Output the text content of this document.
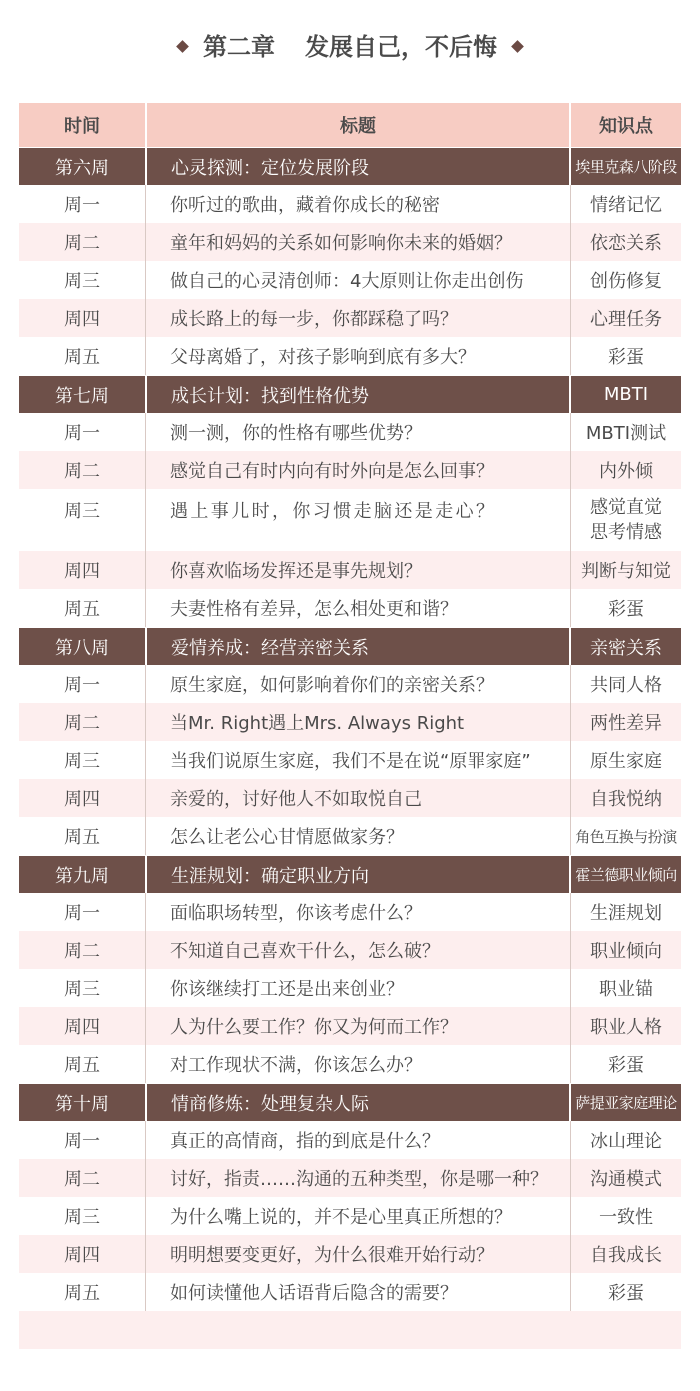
第二章 发展自己，不后悔
时间	标题	知识点
第六周	心灵探测：定位发展阶段	埃里克森八阶段
周一	你听过的歌曲，藏着你成长的秘密	情绪记忆
周二	童年和妈妈的关系如何影响你未来的婚姻？	依恋关系
周三	做自己的心灵清创师：4大原则让你走出创伤	创伤修复
周四	成长路上的每一步，你都踩稳了吗？	心理任务
周五	父母离婚了，对孩子影响到底有多大？	彩蛋
第七周	成长计划：找到性格优势	MBTI
周一	测一测，你的性格有哪些优势？	MBTI测试
周二	感觉自己有时内向有时外向是怎么回事？	内外倾
周三	遇上事儿时，你习惯走脑还是走心？	感觉直觉
思考情感
周四	你喜欢临场发挥还是事先规划？	判断与知觉
周五	夫妻性格有差异，怎么相处更和谐？	彩蛋
第八周	爱情养成：经营亲密关系	亲密关系
周一	原生家庭，如何影响着你们的亲密关系？	共同人格
周二	当Mr. Right遇上Mrs. Always Right	两性差异
周三	当我们说原生家庭，我们不是在说“原罪家庭”	原生家庭
周四	亲爱的，讨好他人不如取悦自己	自我悦纳
周五	怎么让老公心甘情愿做家务？	角色互换与扮演
第九周	生涯规划：确定职业方向	霍兰德职业倾向
周一	面临职场转型，你该考虑什么？	生涯规划
周二	不知道自己喜欢干什么，怎么破？	职业倾向
周三	你该继续打工还是出来创业？	职业锚
周四	人为什么要工作？你又为何而工作？	职业人格
周五	对工作现状不满，你该怎么办？	彩蛋
第十周	情商修炼：处理复杂人际	萨提亚家庭理论
周一	真正的高情商，指的到底是什么？	冰山理论
周二	讨好，指责……沟通的五种类型，你是哪一种？ 沟通模式
周三	为什么嘴上说的，并不是心里真正所想的？	一致性
周四	明明想要变更好，为什么很难开始行动？	自我成长
周五	如何读懂他人话语背后隐含的需要？	彩蛋
